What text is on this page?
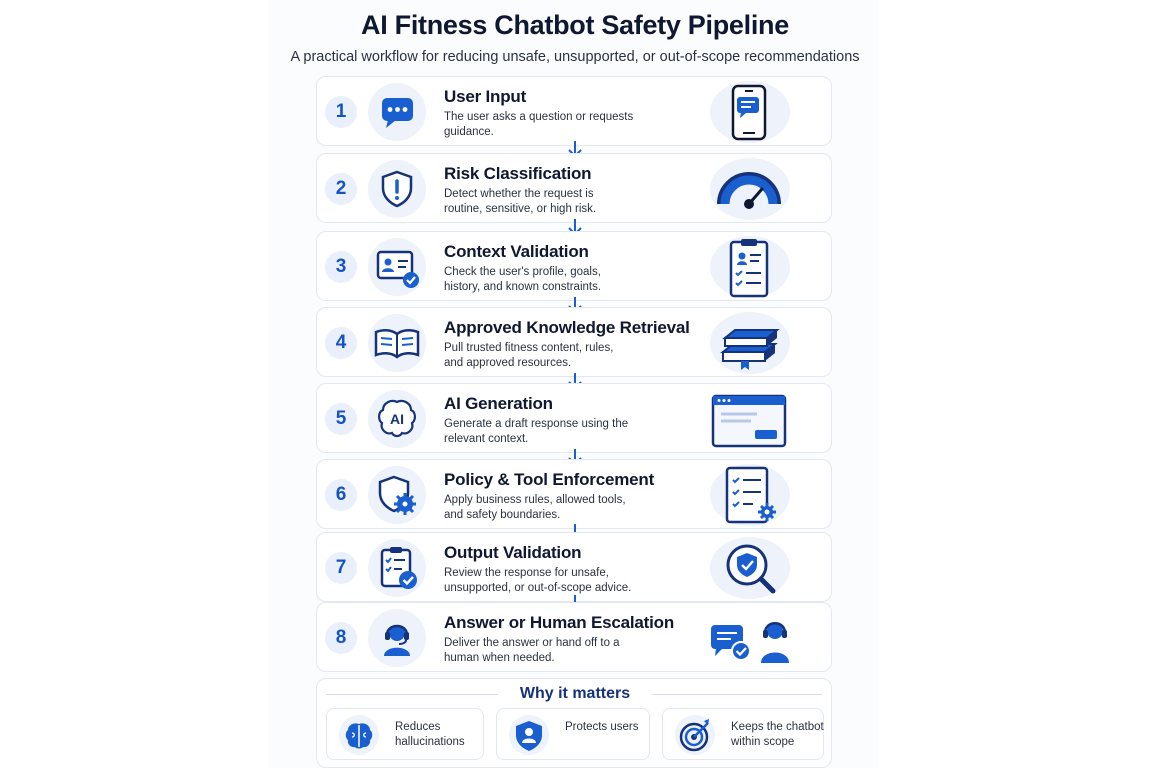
AI Fitness Chatbot Safety Pipeline
A practical workflow for reducing unsafe, unsupported, or out-of-scope recommendations
1
User Input
The user asks a question or requests guidance.
2
Risk Classification
Detect whether the request is routine, sensitive, or high risk.
3
Context Validation
Check the user's profile, goals, history, and known constraints.
4
Approved Knowledge Retrieval
Pull trusted fitness content, rules, and approved resources.
5	AI
AI Generation
Generate a draft response using the relevant context.
6
Policy & Tool Enforcement
Apply business rules, allowed tools, and safety boundaries.
7
Output Validation
Review the response for unsafe, unsupported, or out-of-scope advice.
8
Answer or Human Escalation
Deliver the answer or hand off to a human when needed.
Why it matters
Reduces hallucinations
Protects users	Keeps the chatbot within scope
